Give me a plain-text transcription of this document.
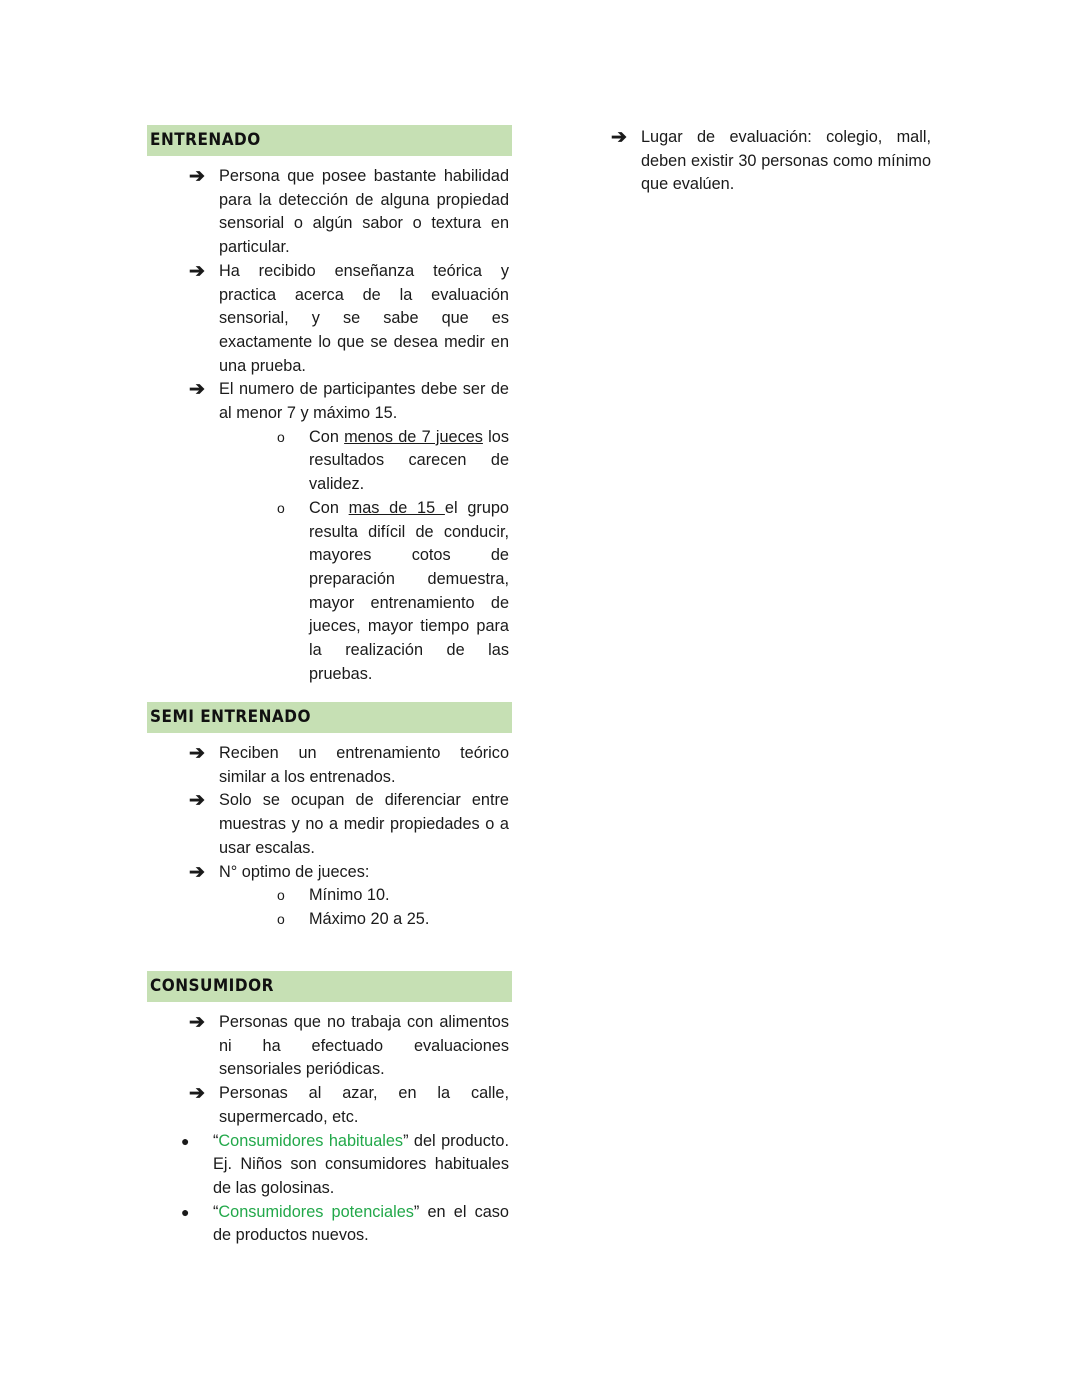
ENTRENADO
➔ Persona que posee bastante habilidad para la detección de alguna propiedad sensorial o algún sabor o textura en particular.
➔ Ha recibido enseñanza teórica y practica acerca de la evaluación sensorial, y se sabe que es exactamente lo que se desea medir en una prueba.
➔ El numero de participantes debe ser de al menor 7 y máximo 15.
o Con menos de 7 jueces los resultados carecen de validez.
o Con mas de 15 el grupo resulta difícil de conducir, mayores cotos de preparación demuestra, mayor entrenamiento de jueces, mayor tiempo para la realización de las pruebas.
SEMI ENTRENADO
➔ Reciben un entrenamiento teórico similar a los entrenados.
➔ Solo se ocupan de diferenciar entre muestras y no a medir propiedades o a usar escalas.
➔ N° optimo de jueces:
o Mínimo 10.
o Máximo 20 a 25.
CONSUMIDOR
➔ Personas que no trabaja con alimentos ni ha efectuado evaluaciones sensoriales periódicas.
➔ Personas al azar, en la calle, supermercado, etc.
● “Consumidores habituales” del producto. Ej. Niños son consumidores habituales de las golosinas.
● “Consumidores potenciales” en el caso de productos nuevos.
➔ Lugar de evaluación: colegio, mall, deben existir 30 personas como mínimo que evalúen.
